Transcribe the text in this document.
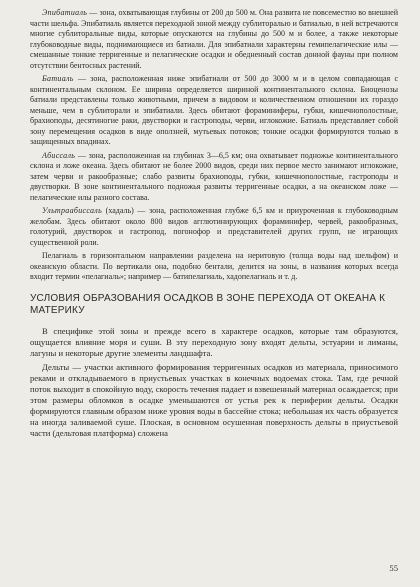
Эпибатиаль — зона, охватывающая глубины от 200 до 500 м. Она развита не повсеместно во внешней части шельфа. Эпибатиаль является переходной зоной между сублиторалью и батиалью, в ней встречаются многие сублиторальные виды, которые опускаются на глубины до 500 м и более, а также некоторые глубоководные виды, поднимающиеся из батиали. Для эпибатиали характерны гемипелагические илы — смешанные тонкие терригенные и пелагические осадки и обедненный состав донной фауны при полном отсутствии бентосных растений.

Батиаль — зона, расположенная ниже эпибатиали от 500 до 3000 м и в целом совпадающая с континентальным склоном. Ее ширина определяется шириной континентального склона. Биоценозы батиали представлены только животными, причем в видовом и количественном отношении их гораздо меньше, чем в сублиторали и эпибатиали. Здесь обитают фораминиферы, губки, кишечнополостные, брахиоподы, десятиногие раки, двустворки и гастроподы, черви, иглокожие. Батиаль представляет собой зону перемещения осадков в виде оползней, мутьевых потоков; тонкие осадки формируются только в защищенных впадинах.

Абиссаль — зона, расположенная на глубинах 3—6,5 км; она охватывает подножье континентального склона и ложе океана. Здесь обитают не более 2000 видов, среди них первое место занимают иглокожие, затем черви и ракообразные; слабо развиты брахиоподы, губки, кишечнополостные, гастроподы и двустворки. В зоне континентального подножья развиты терригенные осадки, а на океанском ложе — пелагические илы разного состава.

Ультраабиссаль (хадаль) — зона, расположенная глубже 6,5 км и приуроченная к глубоководным желобам. Здесь обитают около 800 видов агглютинирующих фораминифер, червей, ракообразных, голотурий, двустворок и гастропод, погонофор и представителей других групп, не играющих существенной роли.

Пелагиаль в горизонтальном направлении разделена на неритовую (толща воды над шельфом) и океанскую области. По вертикали она, подобно бентали, делится на зоны, в названия которых всегда входит термин «пелагиаль»; например — батипелагиаль, хадопелагиаль и т. д.

УСЛОВИЯ ОБРАЗОВАНИЯ ОСАДКОВ В ЗОНЕ ПЕРЕХОДА ОТ ОКЕАНА К МАТЕРИКУ

В специфике этой зоны и прежде всего в характере осадков, которые там образуются, ощущается влияние моря и суши. В эту переходную зону входят дельты, эстуарии и лиманы, лагуны и некоторые другие элементы ландшафта.

Дельты — участки активного формирования терригенных осадков из материала, приносимого реками и откладываемого в приустьевых участках в конечных водоемах стока. Там, где речной поток выходит в спокойную воду, скорость течения падает и взвешенный материал осаждается; при этом размеры обломков в осадке уменьшаются от устья рек к периферии дельты. Осадки формируются главным образом ниже уровня воды в бассейне стока; небольшая их часть образуется на иногда заливаемой суше. Плоская, в основном осушенная поверхность дельты в приустьевой части (дельтовая платформа) сложена

55
